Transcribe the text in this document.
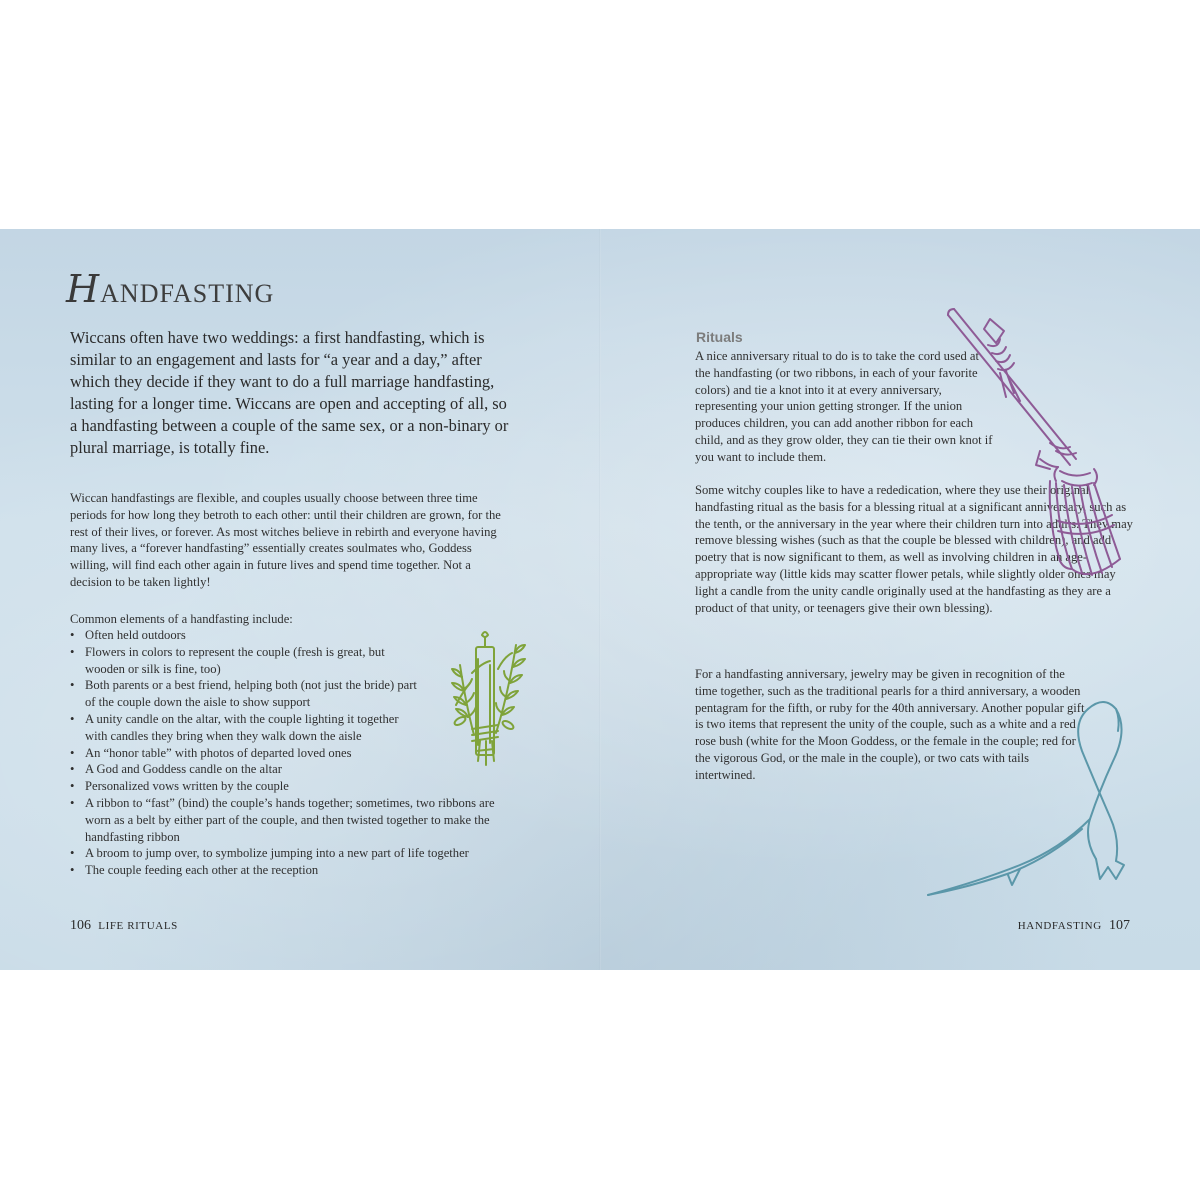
HANDFASTING

Wiccans often have two weddings: a first handfasting, which is similar to an engagement and lasts for “a year and a day,” after which they decide if they want to do a full marriage handfasting, lasting for a longer time. Wiccans are open and accepting of all, so a handfasting between a couple of the same sex, or a non-binary or plural marriage, is totally fine.

Wiccan handfastings are flexible, and couples usually choose between three time periods for how long they betroth to each other: until their children are grown, for the rest of their lives, or forever. As most witches believe in rebirth and everyone having many lives, a “forever handfasting” essentially creates soulmates who, Goddess willing, will find each other again in future lives and spend time together. Not a decision to be taken lightly!

Common elements of a handfasting include:

• Often held outdoors
• Flowers in colors to represent the couple (fresh is great, but wooden or silk is fine, too)
• Both parents or a best friend, helping both (not just the bride) part of the couple down the aisle to show support
• A unity candle on the altar, with the couple lighting it together with candles they bring when they walk down the aisle
• An “honor table” with photos of departed loved ones
• A God and Goddess candle on the altar
• Personalized vows written by the couple
• A ribbon to “fast” (bind) the couple’s hands together; sometimes, two ribbons are worn as a belt by either part of the couple, and then twisted together to make the handfasting ribbon
• A broom to jump over, to symbolize jumping into a new part of life together
• The couple feeding each other at the reception
106 LIFE RITUALS
Rituals

A nice anniversary ritual to do is to take the cord used at the handfasting (or two ribbons, in each of your favorite colors) and tie a knot into it at every anniversary, representing your union getting stronger. If the union produces children, you can add another ribbon for each child, and as they grow older, they can tie their own knot if you want to include them.

Some witchy couples like to have a rededication, where they use their original handfasting ritual as the basis for a blessing ritual at a significant anniversary, such as the tenth, or the anniversary in the year where their children turn into adults. They may remove blessing wishes (such as that the couple be blessed with children), and add poetry that is now significant to them, as well as involving children in an age-appropriate way (little kids may scatter flower petals, while slightly older ones may light a candle from the unity candle originally used at the handfasting as they are a product of that unity, or teenagers give their own blessing).

For a handfasting anniversary, jewelry may be given in recognition of the time together, such as the traditional pearls for a third anniversary, a wooden pentagram for the fifth, or ruby for the 40th anniversary. Another popular gift is two items that represent the unity of the couple, such as a white and a red rose bush (white for the Moon Goddess, or the female in the couple; red for the vigorous God, or the male in the couple), or two cats with tails intertwined.

HANDFASTING 107
